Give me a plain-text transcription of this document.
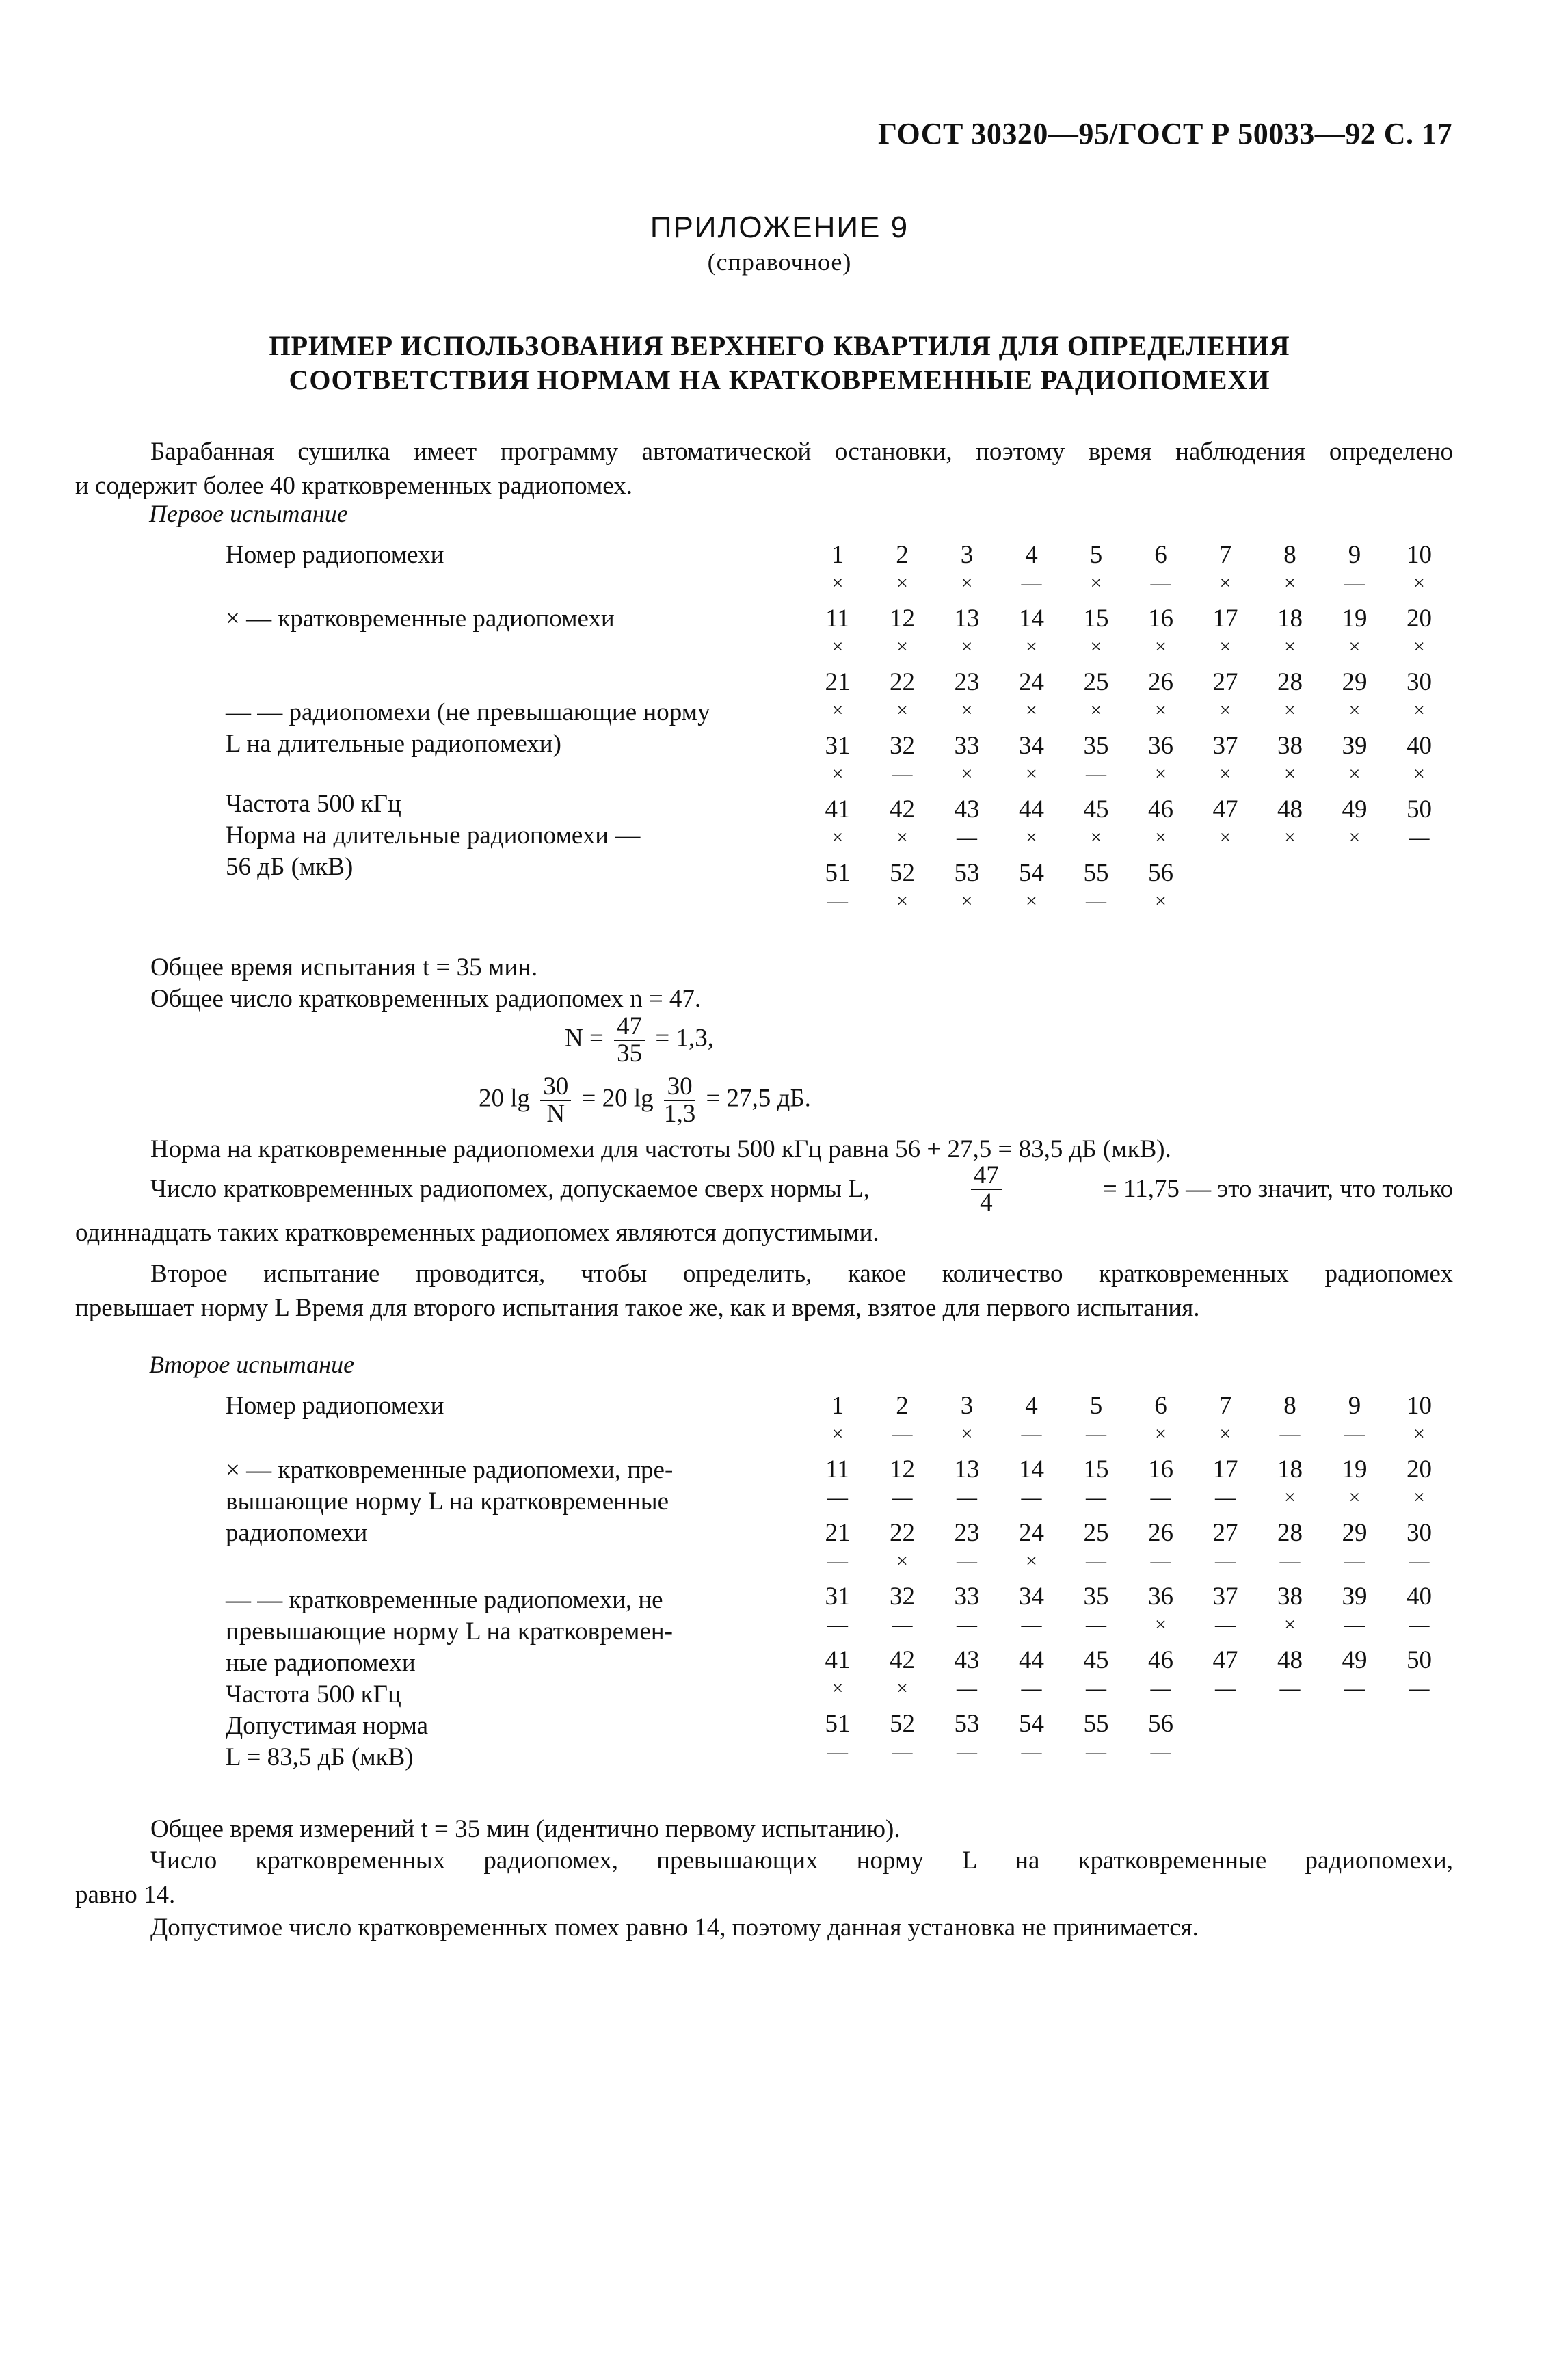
ГОСТ 30320—95/ГОСТ Р 50033—92 С. 17
ПРИЛОЖЕНИЕ 9
(справочное)
ПРИМЕР ИСПОЛЬЗОВАНИЯ ВЕРХНЕГО КВАРТИЛЯ ДЛЯ ОПРЕДЕЛЕНИЯ
СООТВЕТСТВИЯ НОРМАМ НА КРАТКОВРЕМЕННЫЕ РАДИОПОМЕХИ
Барабанная сушилка имеет программу автоматической остановки, поэтому время наблюдения определено
и содержит более 40 кратковременных радиопомех.
Первое испытание
Номер радиопомехи
× — кратковременные радиопомехи
— — радиопомехи (не превышающие норму
L на длительные радиопомехи)
Частота 500 кГц
Норма на длительные радиопомехи —
56 дБ (мкВ)
1	2	3	4	5	6	7	8	9	10
×	×	×	—	×	—	×	×	—	×
11	12	13	14	15	16	17	18	19	20
×	×	×	×	×	×	×	×	×	×
21	22	23	24	25	26	27	28	29	30
×	×	×	×	×	×	×	×	×	×
31	32	33	34	35	36	37	38	39	40
×	—	×	×	—	×	×	×	×	×
41	42	43	44	45	46	47	48	49	50
×	×	—	×	×	×	×	×	×	—
51	52	53	54	55	56
—	×	×	×	—	×
Общее время испытания t = 35 мин.
Общее число кратковременных радиопомех n = 47.
$N = \frac{47}{35} = 1,3$,
20 $\lg \frac{30}{N} = 20$ $\lg \frac{30}{1,3} = 27,5$ дБ.
Норма на кратковременные радиопомехи для частоты 500 кГц равна 56 + 27,5 = 83,5 дБ (мкВ).
Число кратковременных радиопомех, допускаемое сверх нормы L,	$\frac{47}{4}$	= 11,75 — это значит, что только
одиннадцать таких кратковременных радиопомех являются допустимыми.
Второе испытание проводится, чтобы определить, какое количество кратковременных радиопомех
превышает норму L Время для второго испытания такое же, как и время, взятое для первого испытания.
Второе испытание
Номер радиопомехи
× — кратковременные радиопомехи, пре-
вышающие норму L на кратковременные
радиопомехи
— — кратковременные радиопомехи, не
превышающие норму L на кратковремен-
ные радиопомехи
Частота 500 кГц
Допустимая норма
L = 83,5 дБ (мкВ)
1	2	3	4	5	6	7	8	9	10
×	—	×	—	—	×	×	—	—	×
11	12	13	14	15	16	17	18	19	20
—	—	—	—	—	—	—	×	×	×
21	22	23	24	25	26	27	28	29	30
—	×	—	×	—	—	—	—	—	—
31	32	33	34	35	36	37	38	39	40
—	—	—	—	—	×	—	×	—	—
41	42	43	44	45	46	47	48	49	50
×	×	—	—	—	—	—	—	—	—
51	52	53	54	55	56
—	—	—	—	—	—
Общее время измерений t = 35 мин (идентично первому испытанию).
Число кратковременных радиопомех, превышающих норму L на кратковременные радиопомехи,
равно 14.
Допустимое число кратковременных помех равно 14, поэтому данная установка не принимается.
